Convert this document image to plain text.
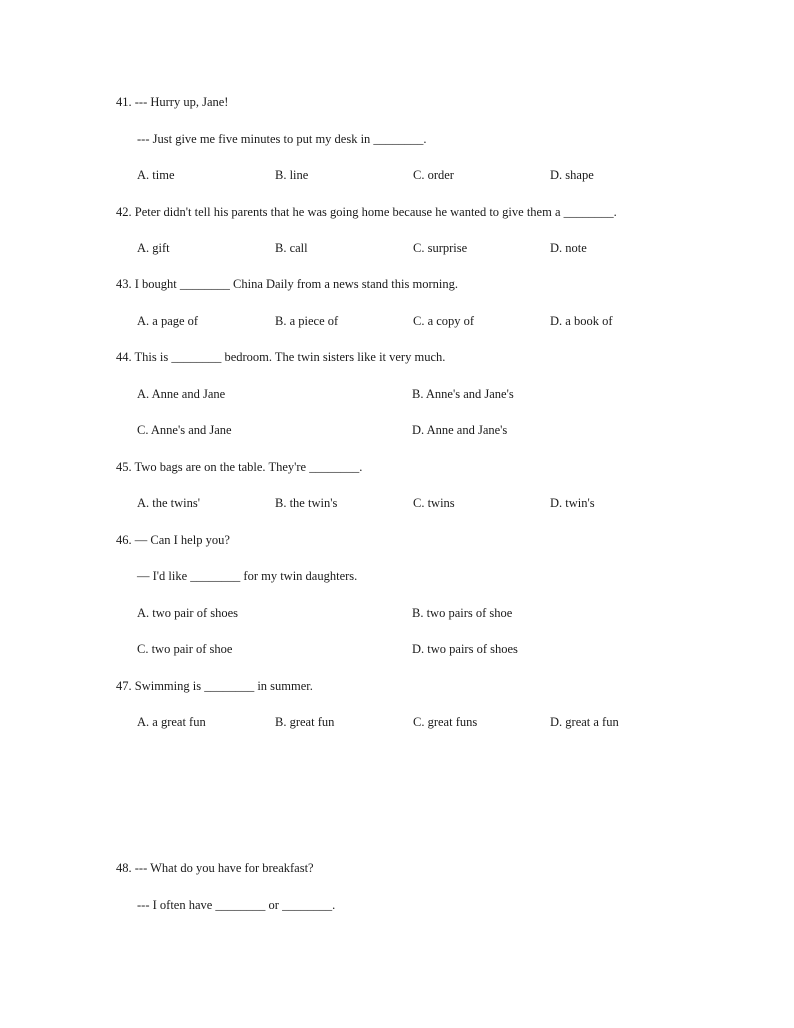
41. --- Hurry up, Jane!
--- Just give me five minutes to put my desk in ________.
A. time	B. line	C. order	D. shape
42. Peter didn't tell his parents that he was going home because he wanted to give them a ________.
A. gift	B. call	C. surprise	D. note
43. I bought ________ China Daily from a news stand this morning.
A. a page of	B. a piece of	C. a copy of	D. a book of
44. This is ________ bedroom. The twin sisters like it very much.
A. Anne and Jane	B. Anne's and Jane's
C. Anne's and Jane	D. Anne and Jane's
45. Two bags are on the table. They're ________.
A. the twins'	B. the twin's	C. twins	D. twin's
46. — Can I help you?
— I'd like ________ for my twin daughters.
A. two pair of shoes	B. two pairs of shoe
C. two pair of shoe	D. two pairs of shoes
47. Swimming is ________ in summer.
A. a great fun	B. great fun	C. great funs	D. great a fun
48. --- What do you have for breakfast?
--- I often have ________ or ________.
